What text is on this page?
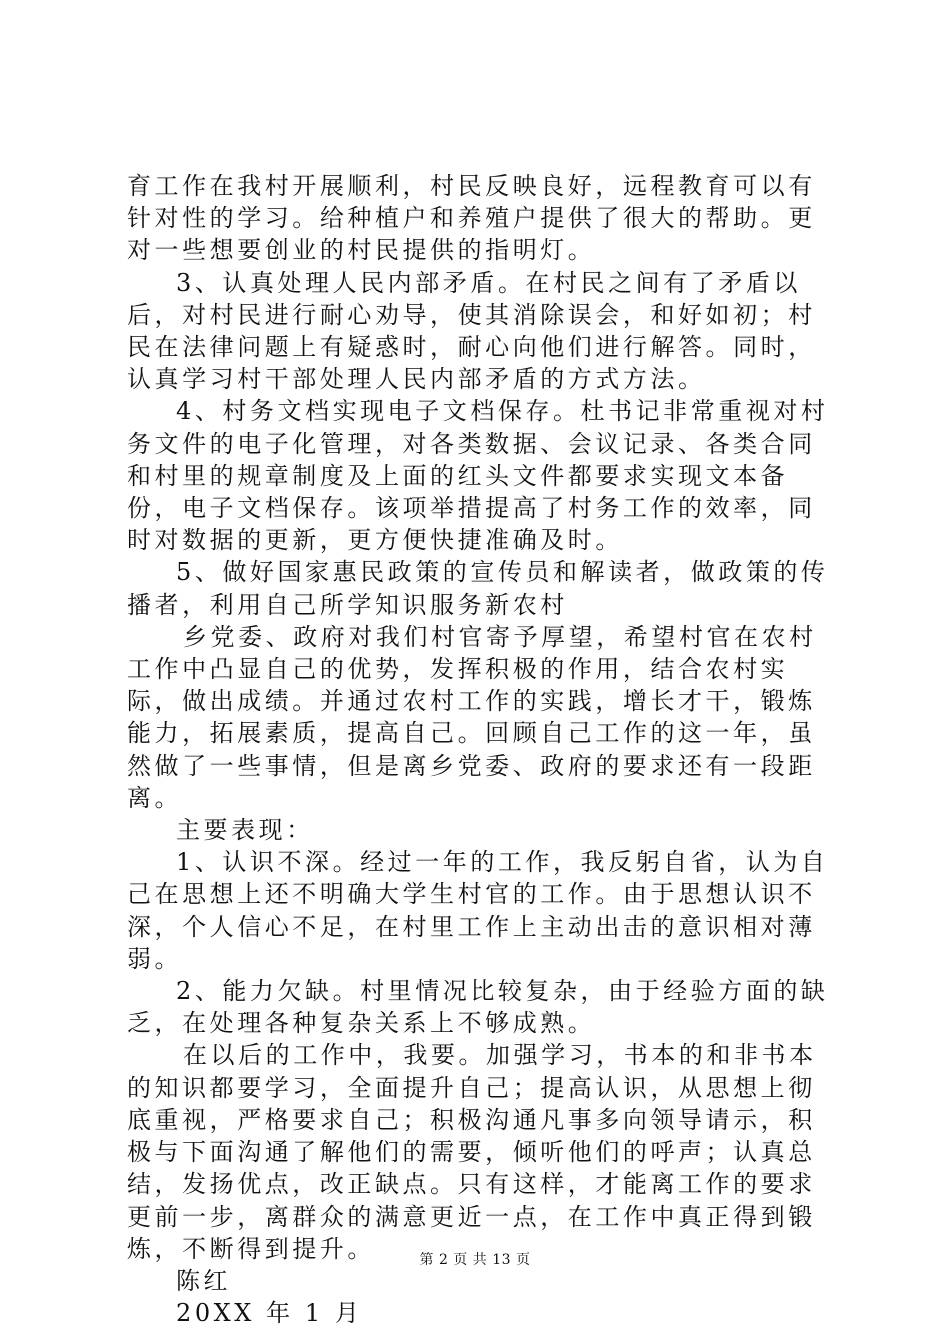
育工作在我村开展顺利，村民反映良好，远程教育可以有针对性的学习。给种植户和养殖户提供了很大的帮助。更对一些想要创业的村民提供的指明灯。

3、认真处理人民内部矛盾。在村民之间有了矛盾以后，对村民进行耐心劝导，使其消除误会，和好如初；村民在法律问题上有疑惑时，耐心向他们进行解答。同时，认真学习村干部处理人民内部矛盾的方式方法。

4、村务文档实现电子文档保存。杜书记非常重视对村务文件的电子化管理，对各类数据、会议记录、各类合同和村里的规章制度及上面的红头文件都要求实现文本备份，电子文档保存。该项举措提高了村务工作的效率，同时对数据的更新，更方便快捷准确及时。

5、做好国家惠民政策的宣传员和解读者，做政策的传播者，利用自己所学知识服务新农村

乡党委、政府对我们村官寄予厚望，希望村官在农村工作中凸显自己的优势，发挥积极的作用，结合农村实际，做出成绩。并通过农村工作的实践，增长才干，锻炼能力，拓展素质，提高自己。回顾自己工作的这一年，虽然做了一些事情，但是离乡党委、政府的要求还有一段距离。

主要表现：

1、认识不深。经过一年的工作，我反躬自省，认为自己在思想上还不明确大学生村官的工作。由于思想认识不深，个人信心不足，在村里工作上主动出击的意识相对薄弱。

2、能力欠缺。村里情况比较复杂，由于经验方面的缺乏，在处理各种复杂关系上不够成熟。

在以后的工作中，我要。加强学习，书本的和非书本的知识都要学习，全面提升自己；提高认识，从思想上彻底重视，严格要求自己；积极沟通凡事多向领导请示，积极与下面沟通了解他们的需要，倾听他们的呼声；认真总结，发扬优点，改正缺点。只有这样，才能离工作的要求更前一步，离群众的满意更近一点，在工作中真正得到锻炼，不断得到提升。

陈红

20XX 年 1 月

第 2 页 共 13 页
